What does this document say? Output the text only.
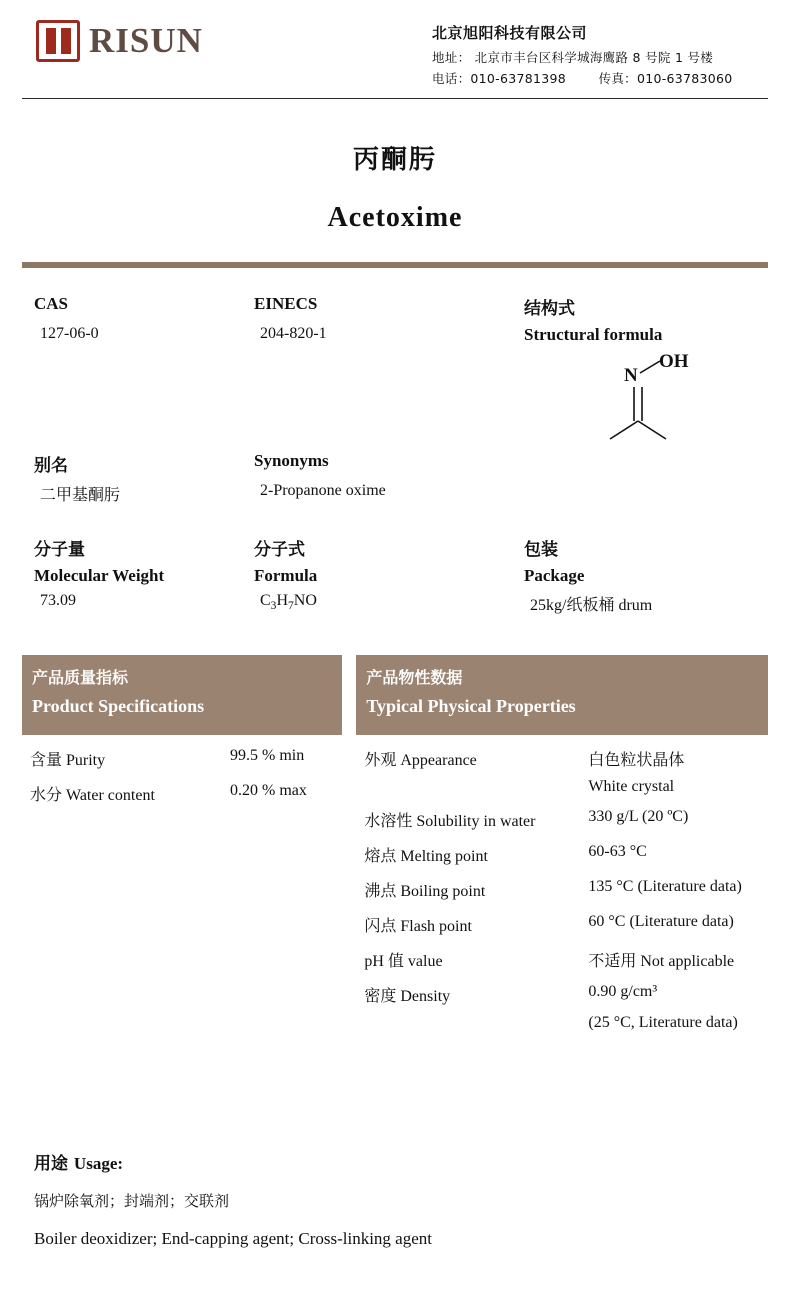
RISUN	北京旭阳科技有限公司
地址： 北京市丰台区科学城海鹰路 8 号院 1 号楼
电话：010-63781398	传真：010-63783060
丙酮肟
Acetoxime
CAS	EINECS	结构式
127-06-0	204-820-1	Structural formula
N
OH
别名	Synonyms
二甲基酮肟	2-Propanone oxime
分子量	分子式	包装
Molecular Weight	Formula	Package
73.09	$C_3H_7NO$	25kg/纸板桶 drum
产品质量指标
Product Specifications
含量 Purity	99.5 % min
水分 Water content	0.20 % max
产品物性数据
Typical Physical Properties
外观 Appearance	白色粒状晶体
White crystal
水溶性 Solubility in water	330 g/L (20 ºC)
熔点 Melting point	60-63 °C
沸点 Boiling point	135 °C (Literature data)
闪点 Flash point	60 °C (Literature data)
pH 值 value	不适用 Not applicable
密度 Density	0.90 g/cm³
(25 °C, Literature data)
用途 Usage:
锅炉除氧剂；封端剂；交联剂
Boiler deoxidizer; End-capping agent; Cross-linking agent
